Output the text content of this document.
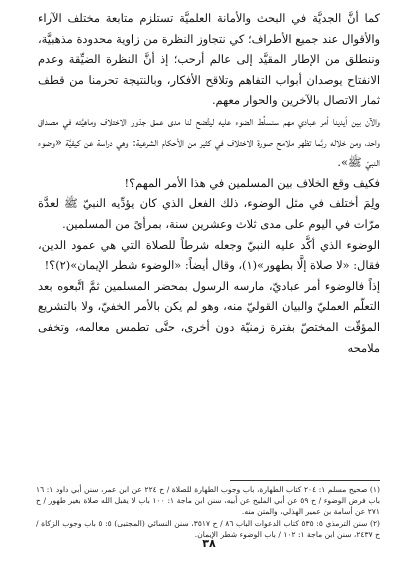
كما أنَّ الجديَّة في البحث والأمانة العلميَّة تستلزم متابعة مختلف الآراء والأقوال عند جميع الأطراف؛ كي نتجاوز النظرة من زاوية محدودة مذهبيَّة، وننطلق من الإطار المقيَّد إلى عالم أرحب؛ إذ أنَّ النظرة الضيِّقة وعدم الانفتاح يوصدان أبواب التفاهم وتلاقح الأفكار، وبالنتيجة تحرمنا من قطف ثمار الاتصال بالآخرين والحوار معهم.

والآن بين أيدينا أمر عبادي مهم سنسلِّط الضوء عليه ليتَّضح لنا مدى عمق جذور الاختلاف وماهيَّته في مصداق واحد، ومن خلاله ربَّما تظهر ملامح صورة الاختلاف في كثير من الأحكام الشرعية: وهي دراسة عن كيفيَّة «وضوء النبيّ ﷺ».

فكيف وقع الخلاف بين المسلمين في هذا الأمر المهم؟!

ولِمَ أختلف في مثل الوضوء، ذلك الفعل الذي كان يؤدِّيه النبيّ ﷺ لعدَّة مرّات في اليوم على مدى ثلاث وعشرين سنة، بمرأىً من المسلمين.

الوضوء الذي أكَّد عليه النبيّ وجعله شرطاً للصلاة التي هي عمود الدين، فقال: «لا صلاة إلَّا بطهور»(١)، وقال أيضاً: «الوضوء شطر الإيمان»(٢)؟!

إذاً فالوضوء أمر عباديّ، مارسه الرسول بمحضر المسلمين ثمَّ اتَّبعوه بعد التعلّم العمليّ والبيان القوليّ منه، وهو لم يكن بالأمر الخفيّ، ولا بالتشريع المؤقّت المختصّ بفترة زمنيّة دون أخرى، حتَّى تطمس معالمه، وتخفى ملامحه

(١) صحيح مسلم ١: ٢٠٤ كتاب الطهارة، باب وجوب الطهارة للصلاة / ح ٢٢٤ عن ابن عمر، سنن أبي داود ١: ١٦ باب فرض الوضوء / ح ٥٩ عن أبي المليح عن أبيه، سنن ابن ماجة ١: ١٠٠ باب لا يقبل الله صلاة بغير طهور / ح ٢٧١ عن أسامة بن عمير الهذلي، والمتن منه.

(٢) سنن الترمذي ٥: ٥٣٥ كتاب الدعوات الباب ٨٦ / ح ٣٥١٧، سنن النسائي (المجتبى) ٥: ٥ باب وجوب الزكاة / ح ٢٤٣٧، سنن ابن ماجة ١: ١٠٢ / باب الوضوء شطر الإيمان.

٣٨
